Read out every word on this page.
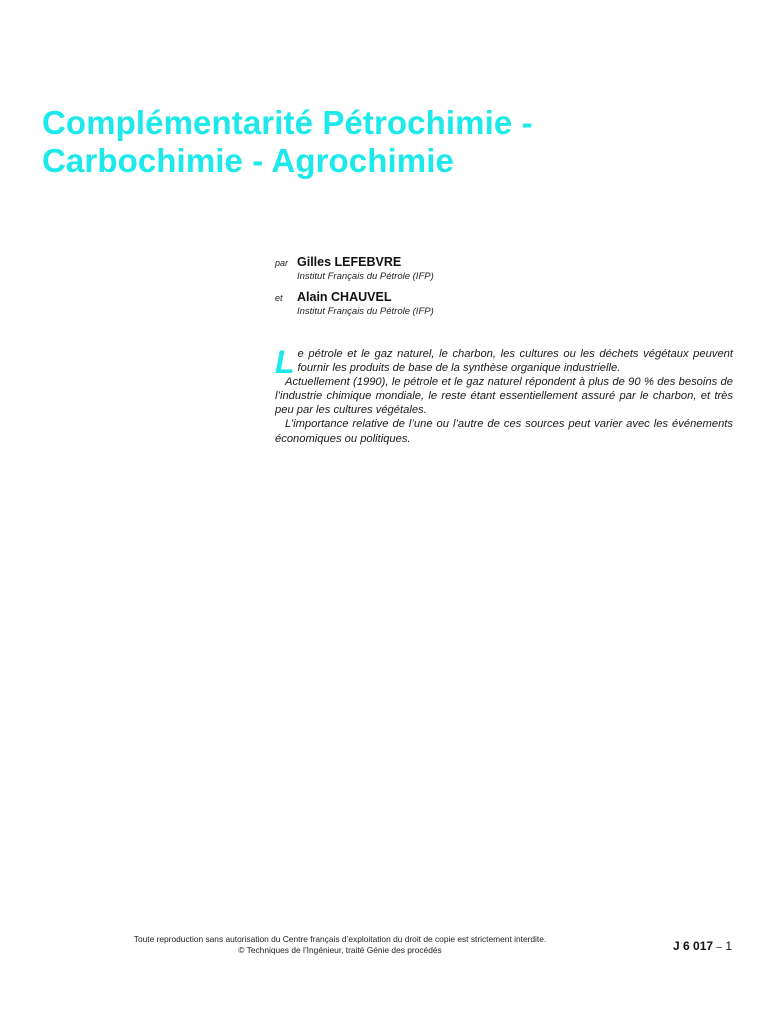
Complémentarité Pétrochimie -
Carbochimie - Agrochimie
par Gilles LEFEBVRE
Institut Français du Pétrole (IFP)
et Alain CHAUVEL
Institut Français du Pétrole (IFP)

Le pétrole et le gaz naturel, le charbon, les cultures ou les déchets végétaux peuvent fournir les produits de base de la synthèse organique industrielle.

Actuellement (1990), le pétrole et le gaz naturel répondent à plus de 90 % des besoins de l’industrie chimique mondiale, le reste étant essentiellement assuré par le charbon, et très peu par les cultures végétales.

L’importance relative de l’une ou l’autre de ces sources peut varier avec les événements économiques ou politiques.

Toute reproduction sans autorisation du Centre français d’exploitation du droit de copie est strictement interdite.
© Techniques de l’Ingénieur, traité Génie des procédés	J 6 017 – 1
